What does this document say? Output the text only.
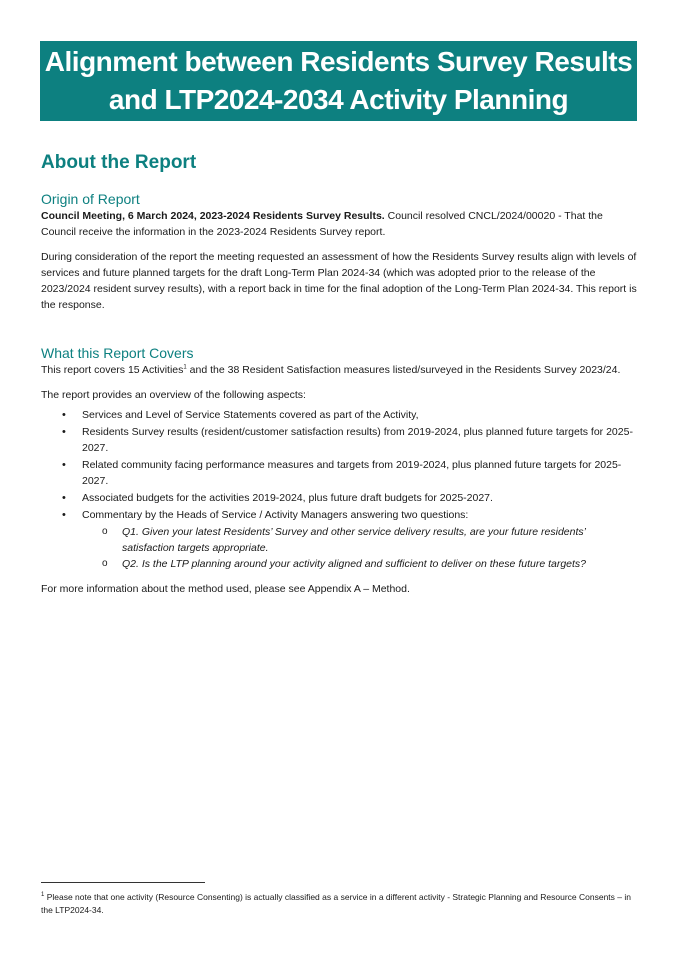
Alignment between Residents Survey Results
and LTP2024-2034 Activity Planning
About the Report
Origin of Report

Council Meeting, 6 March 2024, 2023-2024 Residents Survey Results. Council resolved CNCL/2024/00020 - That the Council receive the information in the 2023-2024 Residents Survey report.

During consideration of the report the meeting requested an assessment of how the Residents Survey results align with levels of services and future planned targets for the draft Long-Term Plan 2024-34 (which was adopted prior to the release of the 2023/2024 resident survey results), with a report back in time for the final adoption of the Long-Term Plan 2024-34. This report is the response.

What this Report Covers

This report covers 15 Activities$^1$ and the 38 Resident Satisfaction measures listed/surveyed in the Residents Survey 2023/24.

The report provides an overview of the following aspects:

• Services and Level of Service Statements covered as part of the Activity,
• Residents Survey results (resident/customer satisfaction results) from 2019-2024, plus planned future targets for 2025-2027.
• Related community facing performance measures and targets from 2019-2024, plus planned future targets for 2025-2027.
• Associated budgets for the activities 2019-2024, plus future draft budgets for 2025-2027.
• Commentary by the Heads of Service / Activity Managers answering two questions:
o Q1. Given your latest Residents’ Survey and other service delivery results, are your future residents’ satisfaction targets appropriate.
o Q2. Is the LTP planning around your activity aligned and sufficient to deliver on these future targets?

For more information about the method used, please see Appendix A – Method.

$^1$ Please note that one activity (Resource Consenting) is actually classified as a service in a different activity - Strategic Planning and Resource Consents – in the LTP2024-34.
